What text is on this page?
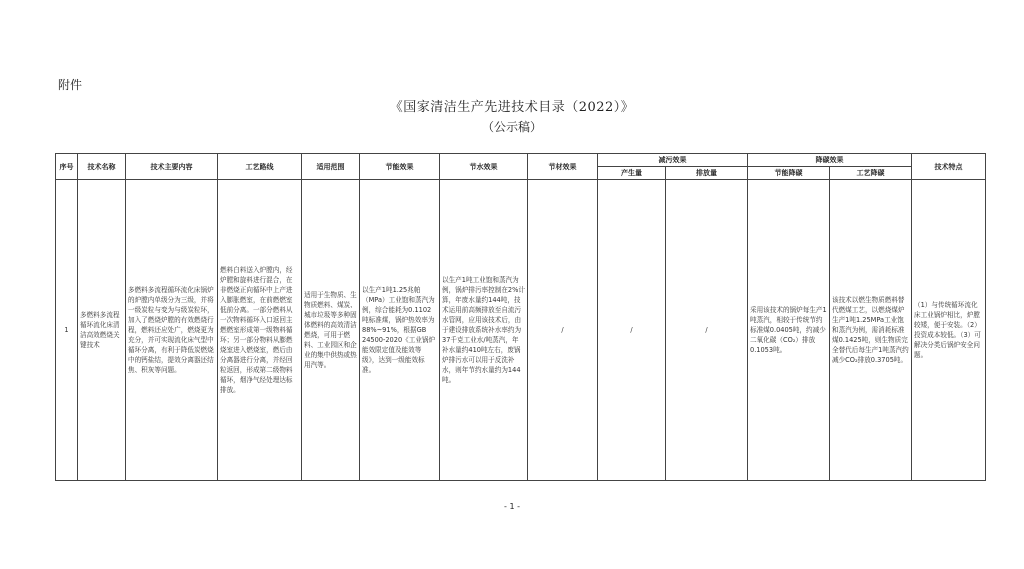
附件
《国家清洁生产先进技术目录（2022）》
（公示稿）
序号	技术名称	技术主要内容	工艺路线	适用范围	节能效果	节水效果	节材效果	减污效果		降碳效果		技术特点
								产生量	排放量	节能降碳	工艺降碳	
1	多燃料多流程循环流化床清洁高效燃烧关键技术	多燃料多流程循环流化床锅炉的炉膛内单级分为三级，并将一级炭粒与变为与级炭粒环，加入了燃烧炉膛的有效燃烧行程，燃料还应处广，燃烧更为充分，并可实现流化床气型中循环分离，有利于降低炭燃烧中的钙盐结，提效分离器还结焦、积灰等问题。	燃料白料送入炉膛内，经炉膛和旋料进行混合，在非燃烧正向循环中上产进入膨胀燃室，在前燃燃室低前分离。一部分燃料从一次物料循环入口返回主燃燃室形成第一级物料循环；另一部分物料从膨燃烧室进入燃烧室，燃后由分离器进行分离，并经回粒返回，形成第二级物料循环，烟净气经处理达标排放。	适用于生物质、生物质燃料、煤炭、城市垃圾等多种固体燃料的高效清洁燃烧，可用于燃料、工业园区和企业的集中供热或热用汽等。	以生产1吨1.25兆帕（MPa）工业饱和蒸汽为例，综合能耗为0.1102吨标准煤，锅炉热效率为88%~91%，根据GB 24500-2020《工业锅炉能效限定值及能效等级》，达到一级能效标准。	以生产1吨工业饱和蒸汽为例，锅炉排污率控制在2%计算，年废水量约144吨，技术运用前高频排放至自流污水管网，应用该技术后，由于建设排放系统补水率约为37千克工业水/吨蒸汽，年补水量约410吨左右，废锅炉排污水可以用于反洗补水，则年节约水量约为144吨。	/	/	/	采用该技术的锅炉每生产1吨蒸汽，相较于传统节约标准煤0.0405吨，约减少二氧化碳（CO₂）排放0.1053吨。	该技术以燃生物质燃料替代燃煤工艺，以燃烧煤炉生产1吨1.25MPa工业饱和蒸汽为例，需消耗标准煤0.1425吨，则生物质完全替代后每生产1吨蒸汽约减少CO₂排放0.3705吨。	（1）与传统循环流化床工业锅炉相比，炉膛较矮，便于安装。（2）投资成本较低。（3）可解决分类后锅炉安全问题。
- 1 -
